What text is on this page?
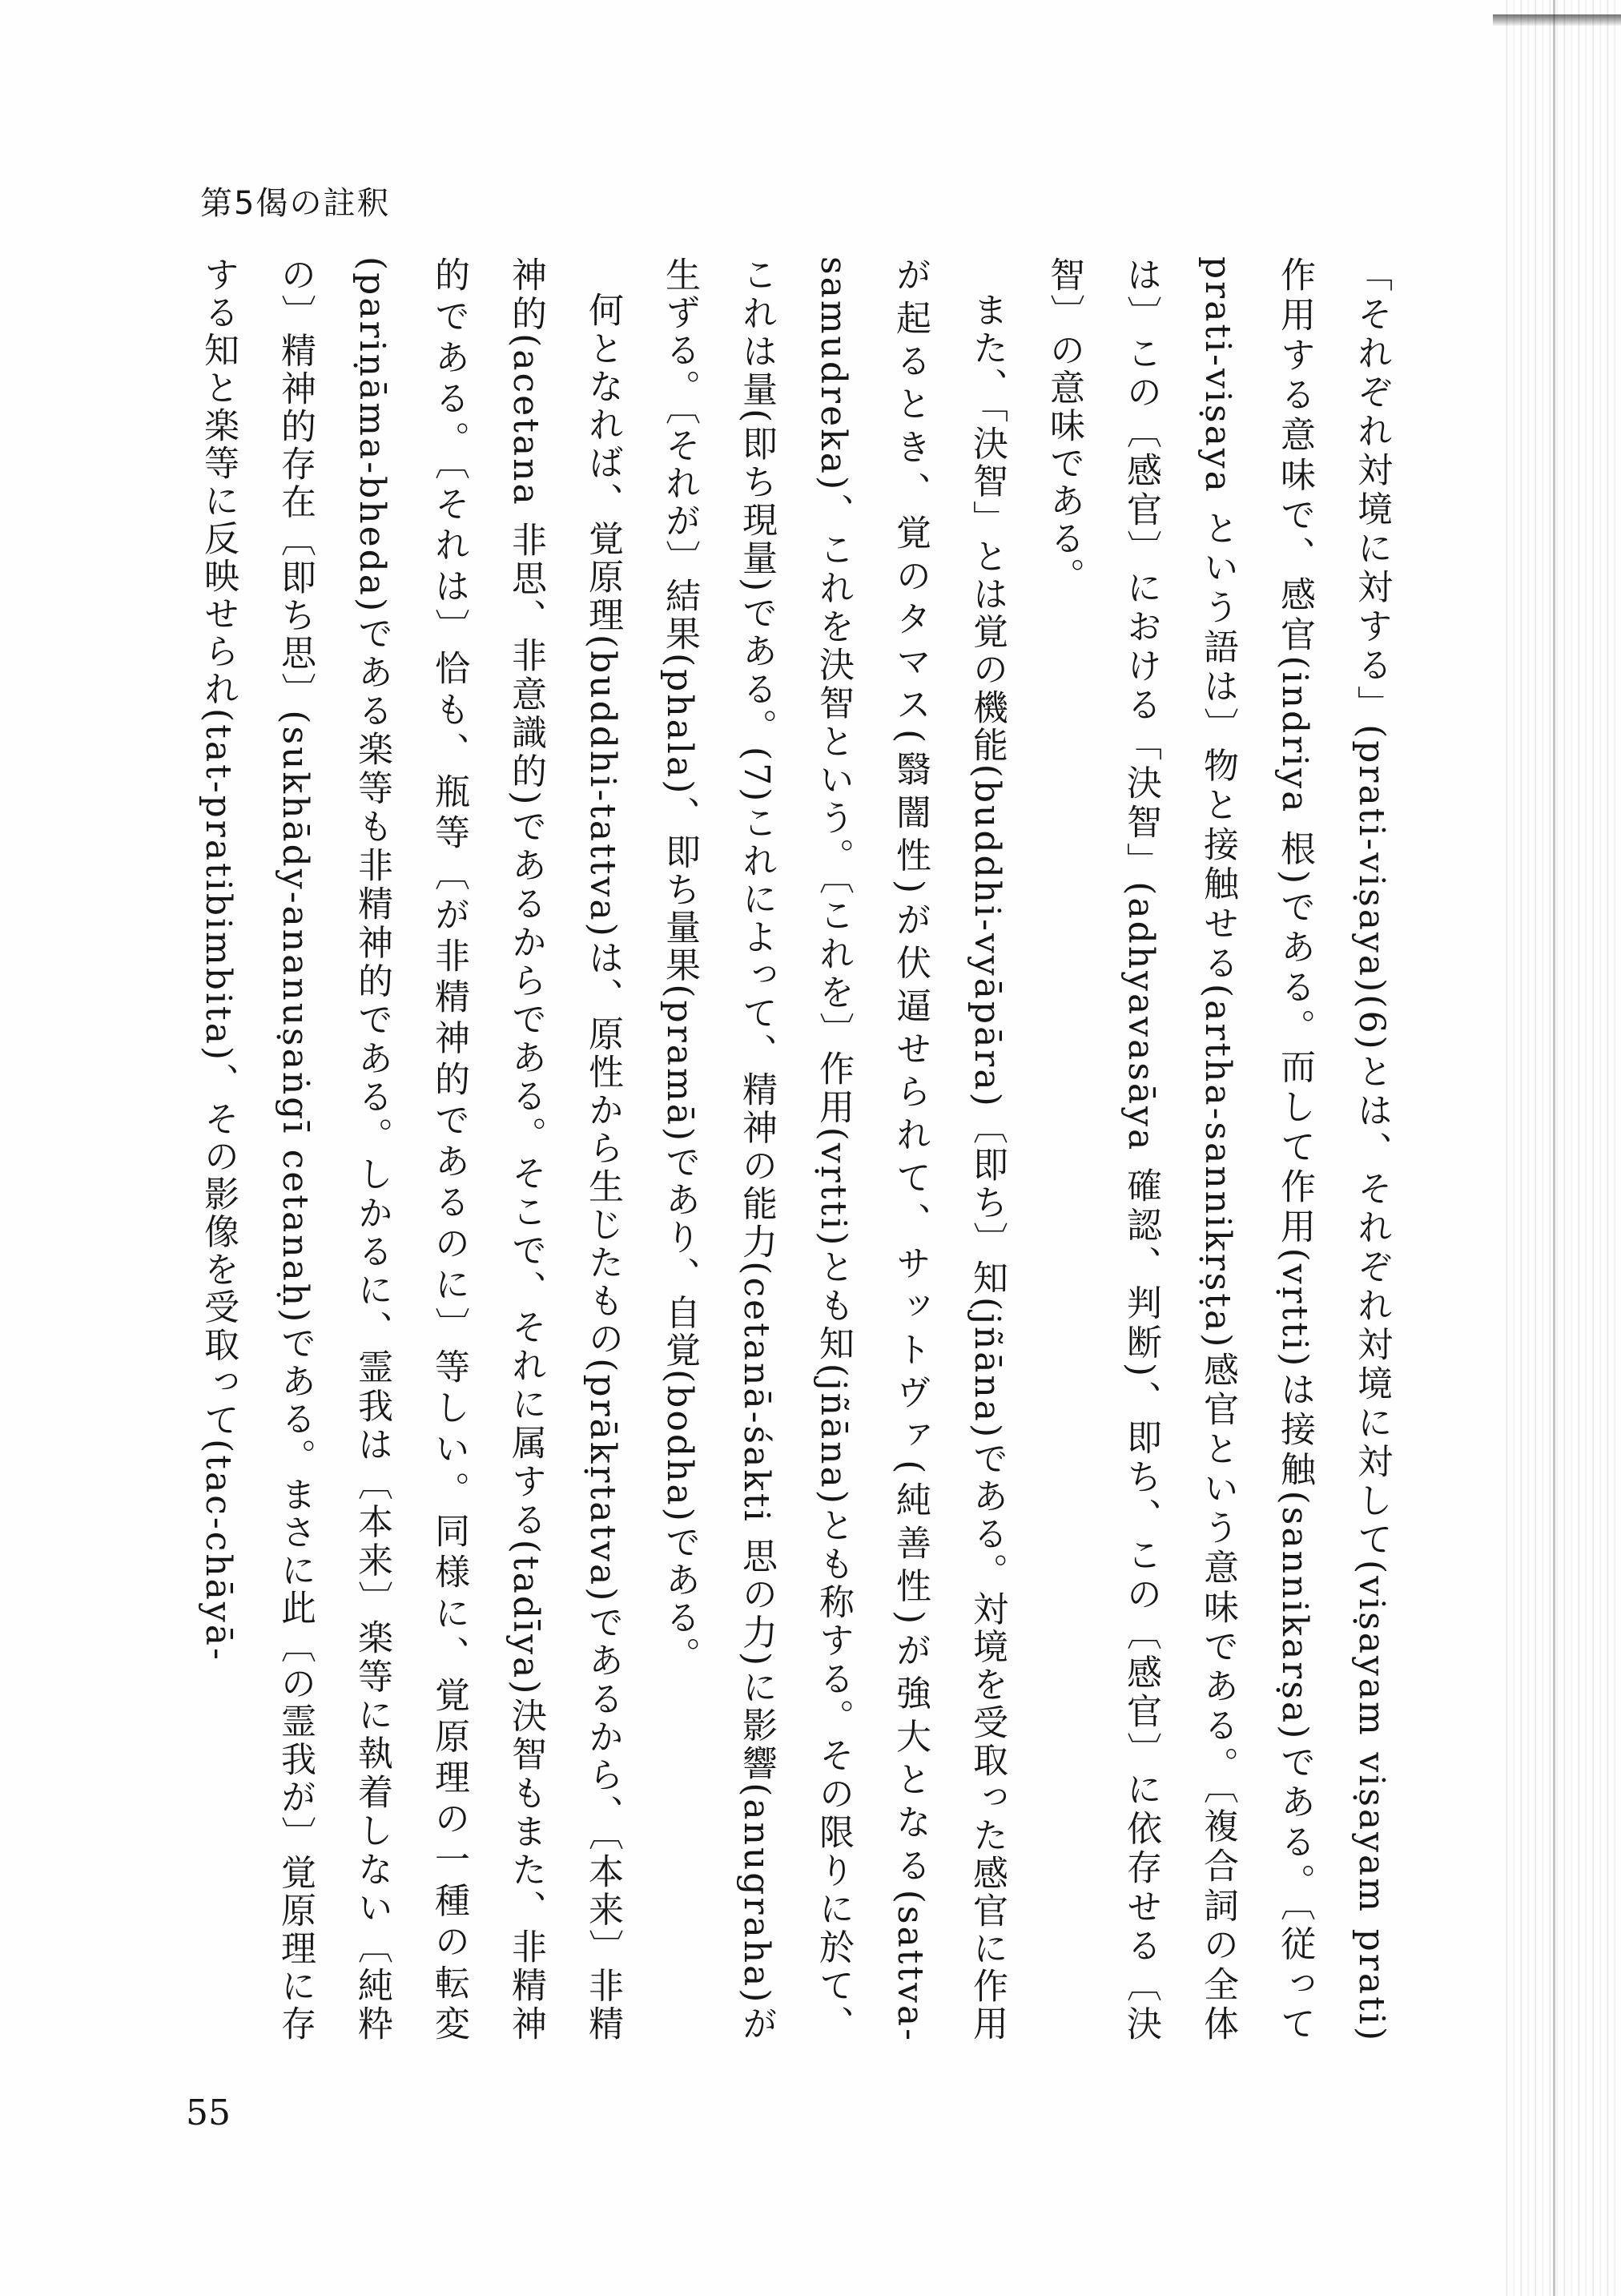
第5偈の註釈

「それぞれ対境に対する」(prati-viṣaya)(6)とは、それぞれ対境に対して(viṣayam viṣayam prati)作用する意味で、感官(indriya 根)である。而して作用(vṛtti)は接触(sannikarṣa)である。〔従って prati-viṣaya という語は〕物と接触せる(artha-sannikṛṣṭa)感官という意味である。〔複合詞の全体は〕この〔感官〕における「決智」(adhyavasāya 確認、判断)、即ち、この〔感官〕に依存せる〔決智〕の意味である。

また、「決智」とは覚の機能(buddhi-vyāpāra)〔即ち〕知(jñāna)である。対境を受取った感官に作用が起るとき、覚のタマス(翳闇性)が伏逼せられて、サットヴァ(純善性)が強大となる(sattva-samudreka)、これを決智という。〔これを〕作用(vṛtti)とも知(jñāna)とも称する。その限りに於て、これは量(即ち現量)である。(7)これによって、精神の能力(cetanā-śakti 思の力)に影響(anugraha)が生ずる。〔それが〕結果(phala)、即ち量果(pramā)であり、自覚(bodha)である。

何となれば、覚原理(buddhi-tattva)は、原性から生じたもの(prākṛtatva)であるから、〔本来〕非精神的(acetana 非思、非意識的)であるからである。そこで、それに属する(tadīya)決智もまた、非精神的である。〔それは〕恰も、瓶等〔が非精神的であるのに〕等しい。同様に、覚原理の一種の転変(pariṇāma-bheda)である楽等も非精神的である。しかるに、霊我は〔本来〕楽等に執着しない〔純粋の〕精神的存在〔即ち思〕(sukhādy-ananuṣaṅgī cetanaḥ)である。まさに此〔の霊我が〕覚原理に存する知と楽等に反映せられ(tat-pratibimbita)、その影像を受取って(tac-chāyā-

55
